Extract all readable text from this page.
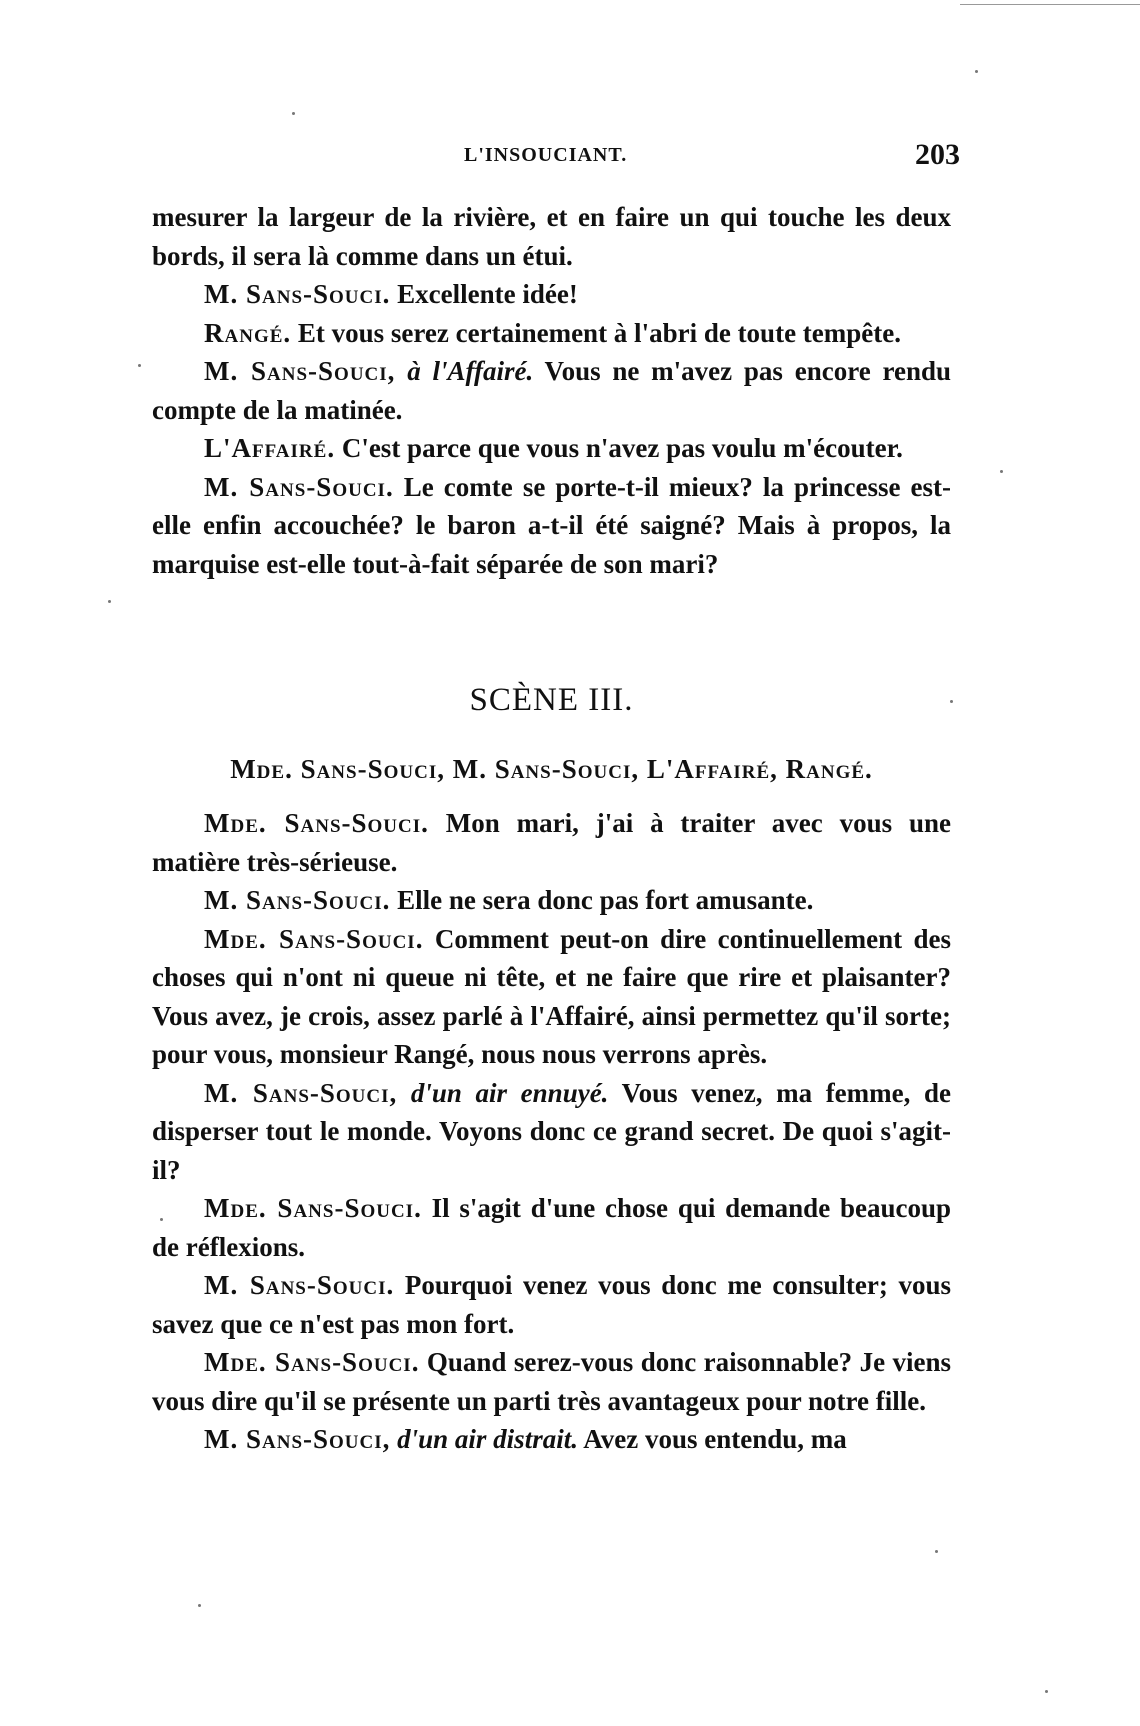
L'INSOUCIANT.	203

mesurer la largeur de la rivière, et en faire un qui touche les deux bords, il sera là comme dans un étui.

M. Sans-Souci. Excellente idée!

Rangé. Et vous serez certainement à l'abri de toute tempête.

M. Sans-Souci, à l'Affairé. Vous ne m'avez pas encore rendu compte de la matinée.

L'Affairé. C'est parce que vous n'avez pas voulu m'écouter.

M. Sans-Souci. Le comte se porte-t-il mieux? la princesse est-elle enfin accouchée? le baron a-t-il été saigné? Mais à propos, la marquise est-elle tout-à-fait séparée de son mari?

SCÈNE III.
Mde. Sans-Souci, M. Sans-Souci, L'Affairé, Rangé.

Mde. Sans-Souci. Mon mari, j'ai à traiter avec vous une matière très-sérieuse.

M. Sans-Souci. Elle ne sera donc pas fort amusante.

Mde. Sans-Souci. Comment peut-on dire continuellement des choses qui n'ont ni queue ni tête, et ne faire que rire et plaisanter? Vous avez, je crois, assez parlé à l'Affairé, ainsi permettez qu'il sorte; pour vous, monsieur Rangé, nous nous verrons après.

M. Sans-Souci, d'un air ennuyé. Vous venez, ma femme, de disperser tout le monde. Voyons donc ce grand secret. De quoi s'agit-il?

Mde. Sans-Souci. Il s'agit d'une chose qui demande beaucoup de réflexions.

M. Sans-Souci. Pourquoi venez vous donc me consulter; vous savez que ce n'est pas mon fort.

Mde. Sans-Souci. Quand serez-vous donc raisonnable? Je viens vous dire qu'il se présente un parti très avantageux pour notre fille.

M. Sans-Souci, d'un air distrait. Avez vous entendu, ma
